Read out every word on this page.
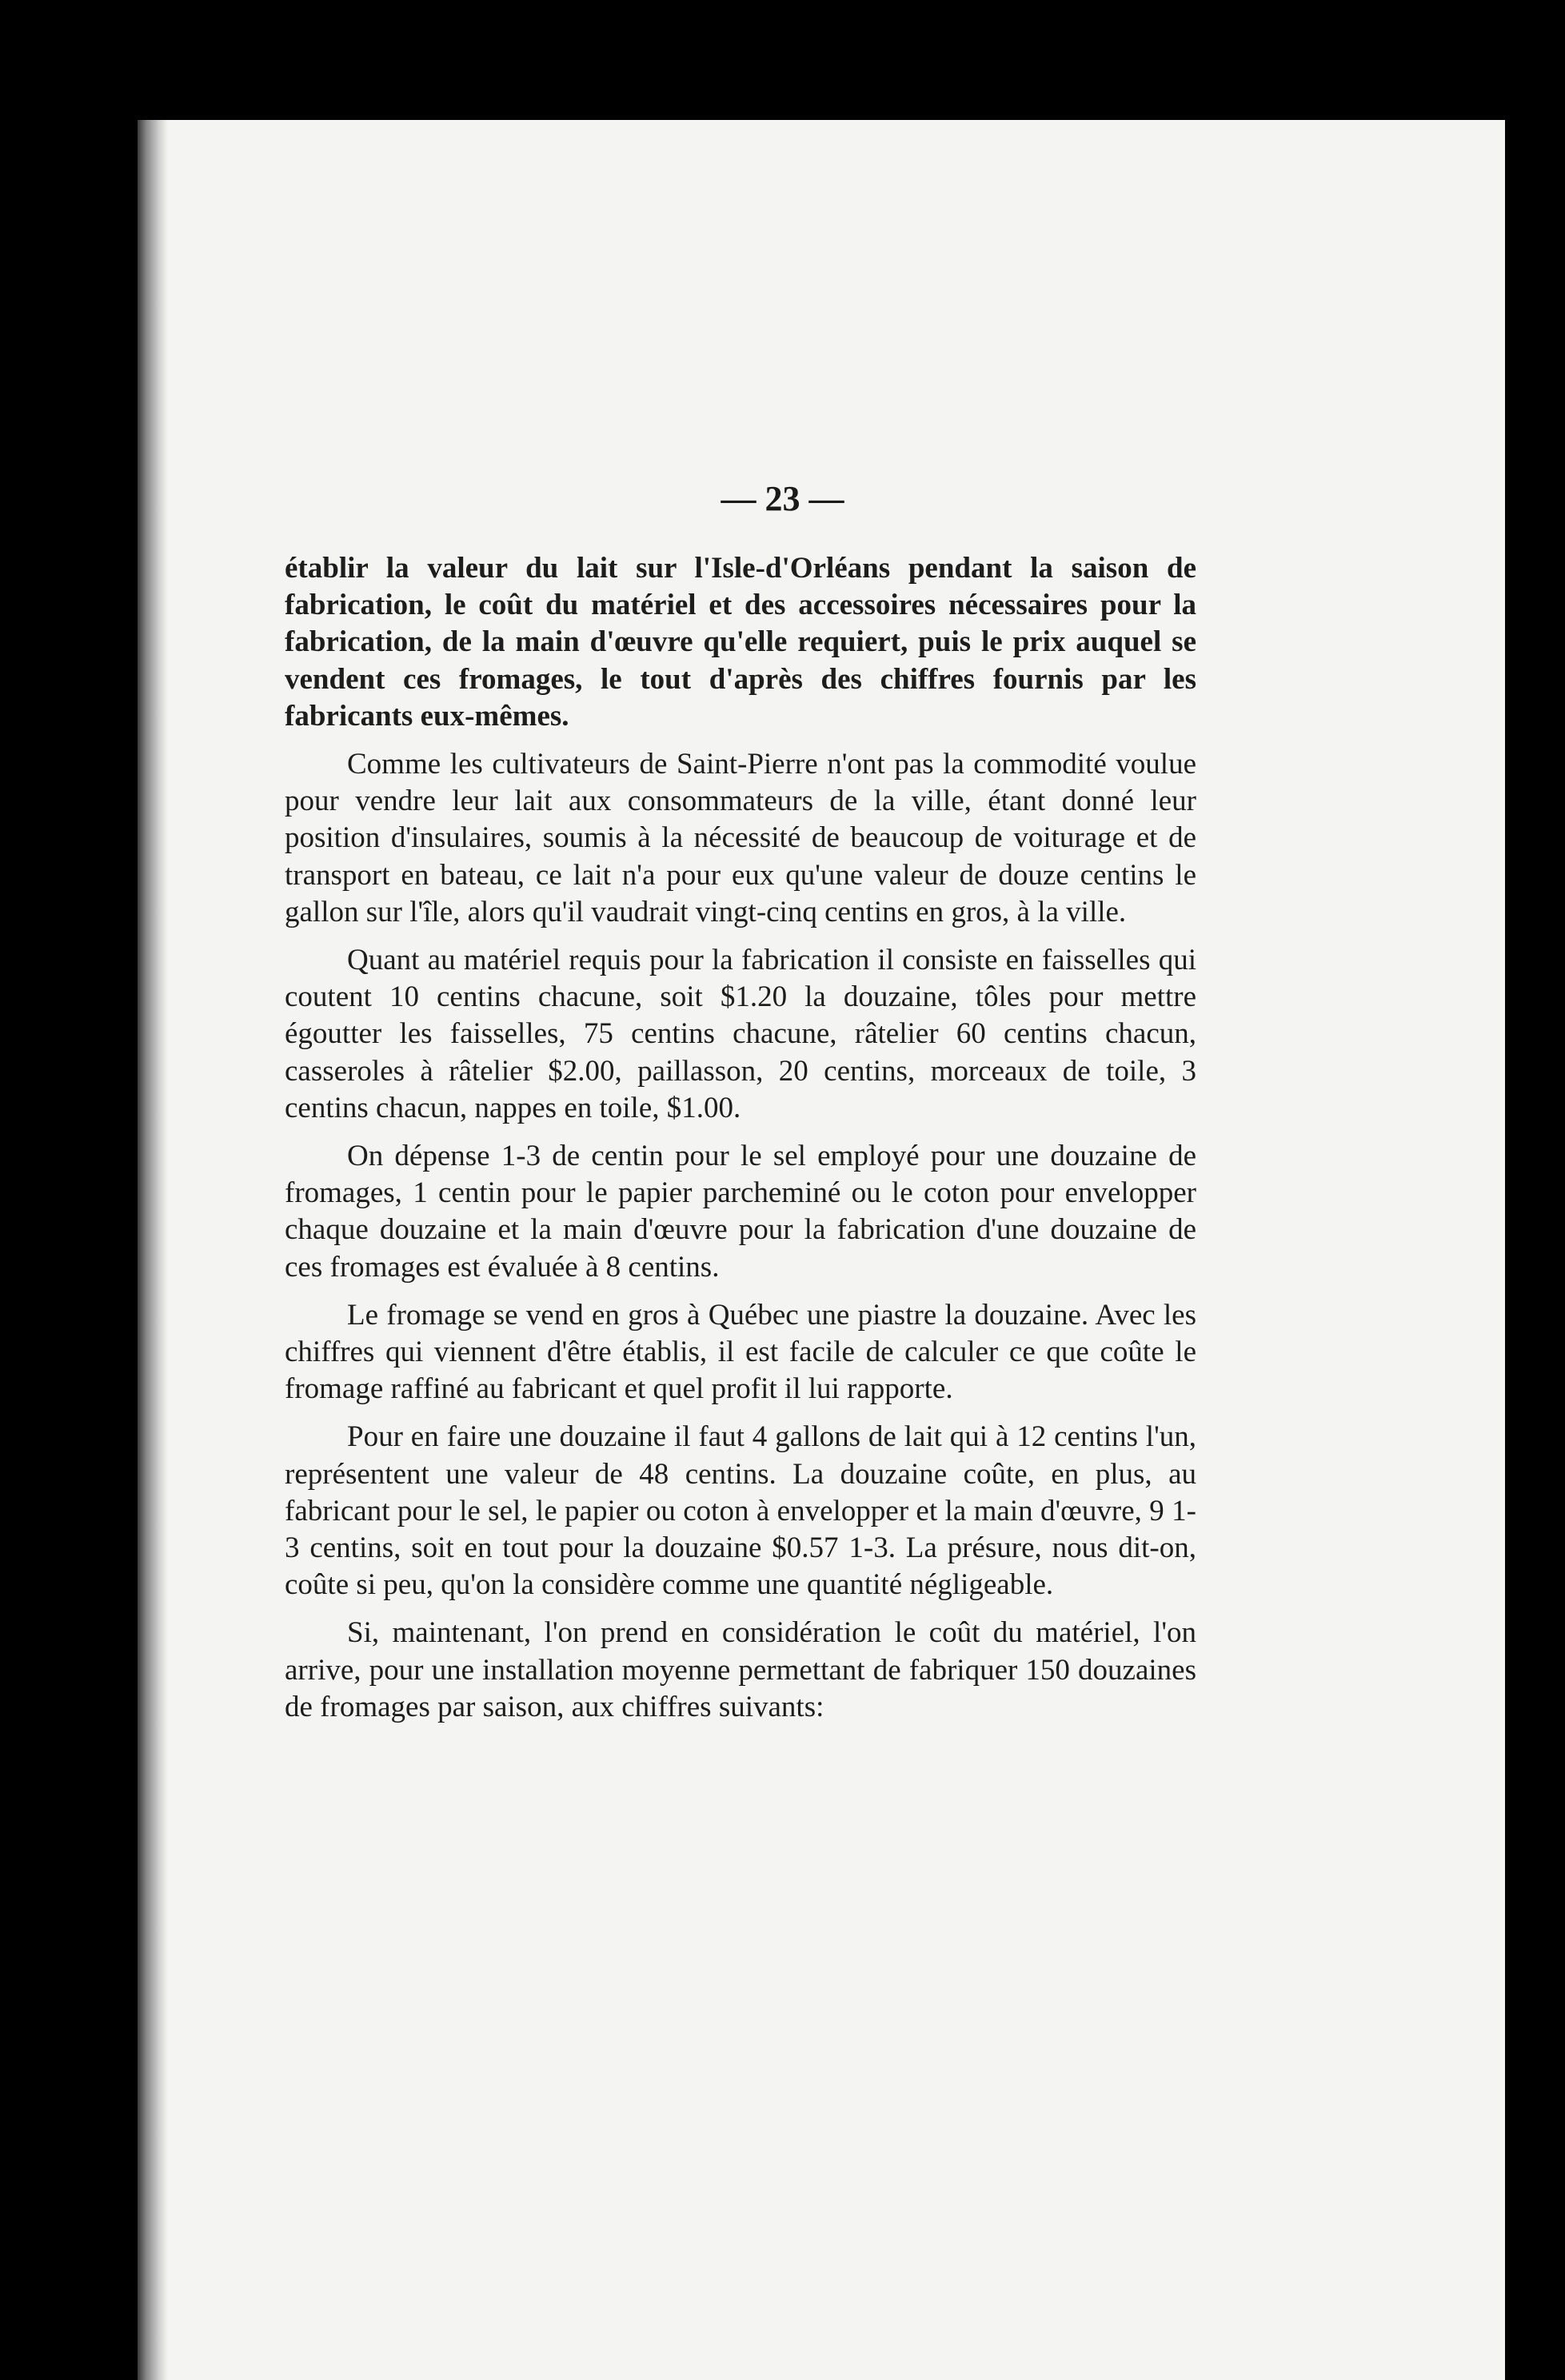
— 23 —

établir la valeur du lait sur l'Isle-d'Orléans pendant la saison de fabrication, le coût du matériel et des accessoires nécessaires pour la fabrication, de la main d'œuvre qu'elle requiert, puis le prix auquel se vendent ces fromages, le tout d'après des chiffres fournis par les fabricants eux-mêmes.

Comme les cultivateurs de Saint-Pierre n'ont pas la commodité voulue pour vendre leur lait aux consommateurs de la ville, étant donné leur position d'insulaires, soumis à la nécessité de beaucoup de voiturage et de transport en bateau, ce lait n'a pour eux qu'une valeur de douze centins le gallon sur l'île, alors qu'il vaudrait vingt-cinq centins en gros, à la ville.

Quant au matériel requis pour la fabrication il consiste en faisselles qui coutent 10 centins chacune, soit $1.20 la douzaine, tôles pour mettre égoutter les faisselles, 75 centins chacune, râtelier 60 centins chacun, casseroles à râtelier $2.00, paillasson, 20 centins, morceaux de toile, 3 centins chacun, nappes en toile, $1.00.

On dépense 1-3 de centin pour le sel employé pour une douzaine de fromages, 1 centin pour le papier parcheminé ou le coton pour envelopper chaque douzaine et la main d'œuvre pour la fabrication d'une douzaine de ces fromages est évaluée à 8 centins.

Le fromage se vend en gros à Québec une piastre la douzaine. Avec les chiffres qui viennent d'être établis, il est facile de calculer ce que coûte le fromage raffiné au fabricant et quel profit il lui rapporte.

Pour en faire une douzaine il faut 4 gallons de lait qui à 12 centins l'un, représentent une valeur de 48 centins. La douzaine coûte, en plus, au fabricant pour le sel, le papier ou coton à envelopper et la main d'œuvre, 9 1-3 centins, soit en tout pour la douzaine $0.57 1-3. La présure, nous dit-on, coûte si peu, qu'on la considère comme une quantité négligeable.

Si, maintenant, l'on prend en considération le coût du matériel, l'on arrive, pour une installation moyenne permettant de fabriquer 150 douzaines de fromages par saison, aux chiffres suivants:
